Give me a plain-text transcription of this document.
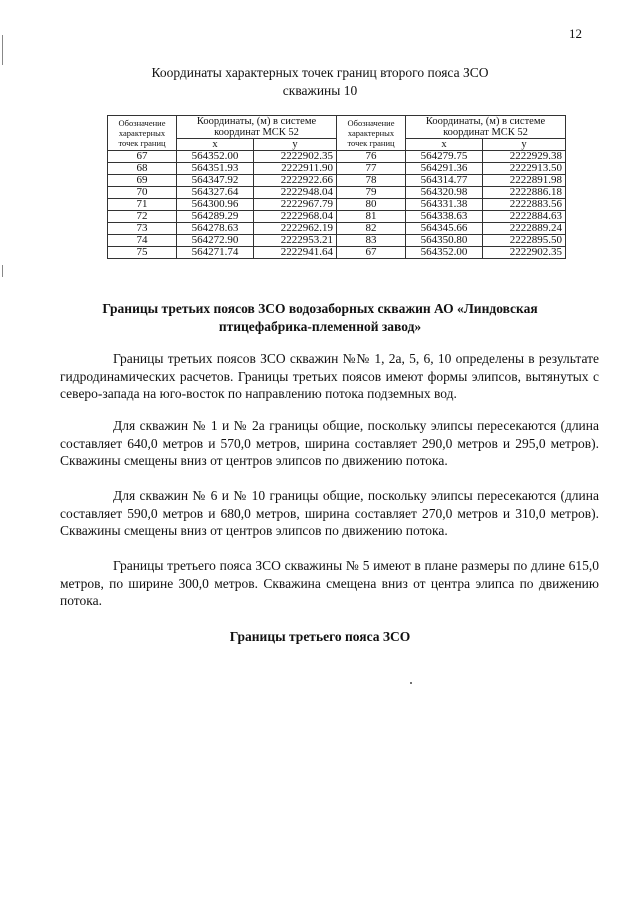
12
Координаты характерных точек границ второго пояса ЗСО
скважины 10
Обозначение характерных точек границ	Координаты, (м) в системе координат МСК 52		Обозначение характерных точек границ	Координаты, (м) в системе координат МСК 52	
	x	y		x	y
67	564352.00	2222902.35	76	564279.75	2222929.38
68	564351.93	2222911.90	77	564291.36	2222913.50
69	564347.92	2222922.66	78	564314.77	2222891.98
70	564327.64	2222948.04	79	564320.98	2222886.18
71	564300.96	2222967.79	80	564331.38	2222883.56
72	564289.29	2222968.04	81	564338.63	2222884.63
73	564278.63	2222962.19	82	564345.66	2222889.24
74	564272.90	2222953.21	83	564350.80	2222895.50
75	564271.74	2222941.64	67	564352.00	2222902.35
Границы третьих поясов ЗСО водозаборных скважин АО «Линдовская
птицефабрика-племенной завод»
Границы третьих поясов ЗСО скважин №№ 1, 2а, 5, 6, 10 определены в результате гидродинамических расчетов. Границы третьих поясов имеют формы элипсов, вытянутых с северо-запада на юго-восток по направлению потока подземных вод.
Для скважин № 1 и № 2а границы общие, поскольку элипсы пересекаются (длина составляет 640,0 метров и 570,0 метров, ширина составляет 290,0 метров и 295,0 метров). Скважины смещены вниз от центров элипсов по движению потока.
Для скважин № 6 и № 10 границы общие, поскольку элипсы пересекаются (длина составляет 590,0 метров и 680,0 метров, ширина составляет 270,0 метров и 310,0 метров). Скважины смещены вниз от центров элипсов по движению потока.
Границы третьего пояса ЗСО скважины № 5 имеют в плане размеры по длине 615,0 метров, по ширине 300,0 метров. Скважина смещена вниз от центра элипса по движению потока.
Границы третьего пояса ЗСО
